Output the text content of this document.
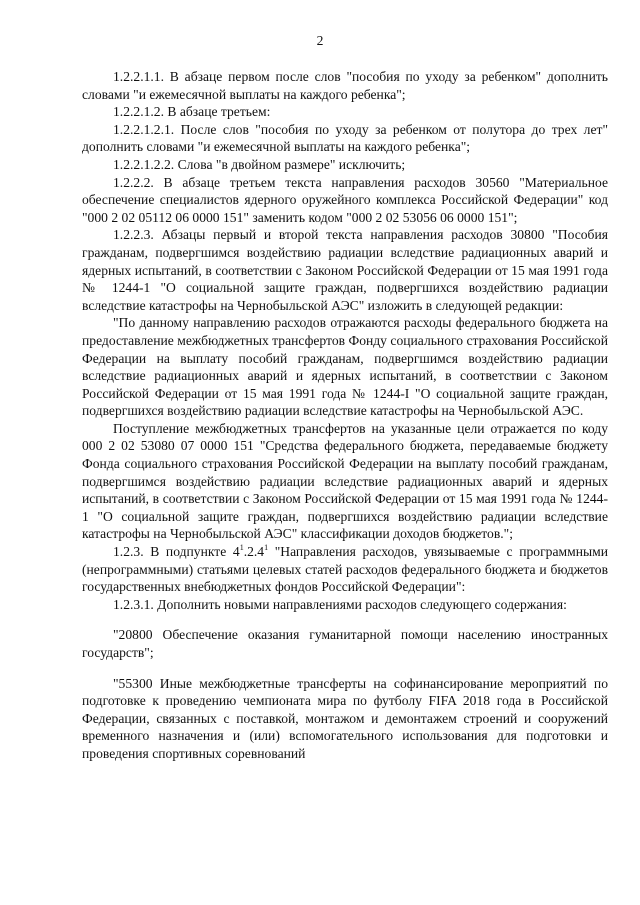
2

1.2.2.1.1. В абзаце первом после слов "пособия по уходу за ребенком" дополнить словами "и ежемесячной выплаты на каждого ребенка";

1.2.2.1.2. В абзаце третьем:

1.2.2.1.2.1. После слов "пособия по уходу за ребенком от полутора до трех лет" дополнить словами "и ежемесячной выплаты на каждого ребенка";

1.2.2.1.2.2. Слова "в двойном размере" исключить;

1.2.2.2. В абзаце третьем текста направления расходов 30560 "Материальное обеспечение специалистов ядерного оружейного комплекса Российской Федерации" код "000 2 02 05112 06 0000 151" заменить кодом "000 2 02 53056 06 0000 151";

1.2.2.3. Абзацы первый и второй текста направления расходов 30800 "Пособия гражданам, подвергшимся воздействию радиации вследствие радиационных аварий и ядерных испытаний, в соответствии с Законом Российской Федерации от 15 мая 1991 года № 1244-1 "О социальной защите граждан, подвергшихся воздействию радиации вследствие катастрофы на Чернобыльской АЭС" изложить в следующей редакции:

"По данному направлению расходов отражаются расходы федерального бюджета на предоставление межбюджетных трансфертов Фонду социального страхования Российской Федерации на выплату пособий гражданам, подвергшимся воздействию радиации вследствие радиационных аварий и ядерных испытаний, в соответствии с Законом Российской Федерации от 15 мая 1991 года № 1244-I "О социальной защите граждан, подвергшихся воздействию радиации вследствие катастрофы на Чернобыльской АЭС.

Поступление межбюджетных трансфертов на указанные цели отражается по коду 000 2 02 53080 07 0000 151 "Средства федерального бюджета, передаваемые бюджету Фонда социального страхования Российской Федерации на выплату пособий гражданам, подвергшимся воздействию радиации вследствие радиационных аварий и ядерных испытаний, в соответствии с Законом Российской Федерации от 15 мая 1991 года № 1244-1 "О социальной защите граждан, подвергшихся воздействию радиации вследствие катастрофы на Чернобыльской АЭС" классификации доходов бюджетов.";

1.2.3. В подпункте $4^1.2.4^1$ "Направления расходов, увязываемые с программными (непрограммными) статьями целевых статей расходов федерального бюджета и бюджетов государственных внебюджетных фондов Российской Федерации":

1.2.3.1. Дополнить новыми направлениями расходов следующего содержания:

"20800 Обеспечение оказания гуманитарной помощи населению иностранных государств";

"55300 Иные межбюджетные трансферты на софинансирование мероприятий по подготовке к проведению чемпионата мира по футболу FIFA 2018 года в Российской Федерации, связанных с поставкой, монтажом и демонтажем строений и сооружений временного назначения и (или) вспомогательного использования для подготовки и проведения спортивных соревнований
